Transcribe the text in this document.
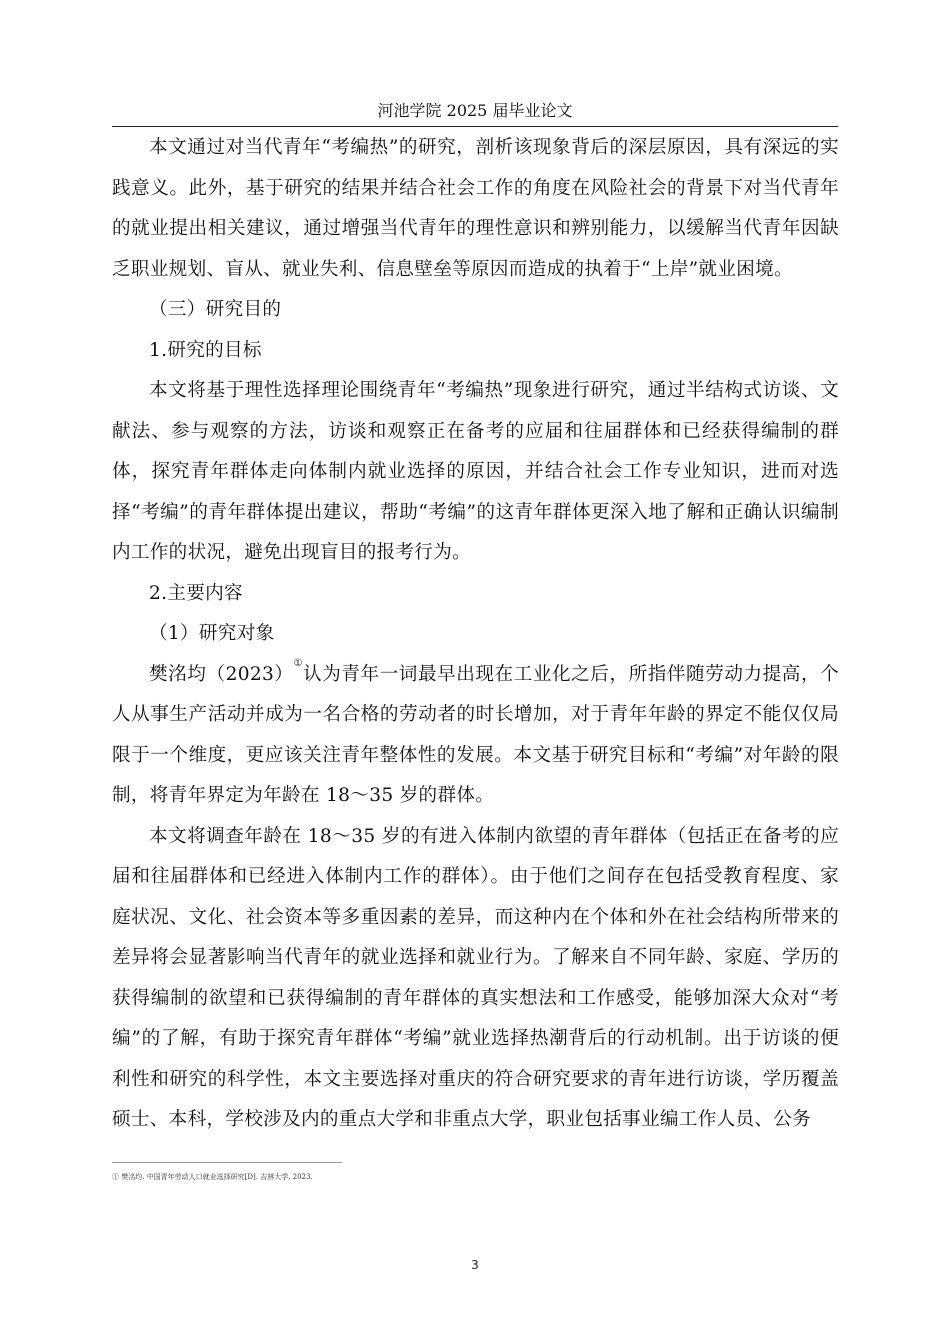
河池学院 2025 届毕业论文

本文通过对当代青年“考编热”的研究，剖析该现象背后的深层原因，具有深远的实践意义。此外，基于研究的结果并结合社会工作的角度在风险社会的背景下对当代青年的就业提出相关建议，通过增强当代青年的理性意识和辨别能力，以缓解当代青年因缺乏职业规划、盲从、就业失利、信息壁垒等原因而造成的执着于“上岸”就业困境。

（三）研究目的

1.研究的目标

本文将基于理性选择理论围绕青年“考编热”现象进行研究，通过半结构式访谈、文献法、参与观察的方法，访谈和观察正在备考的应届和往届群体和已经获得编制的群体，探究青年群体走向体制内就业选择的原因，并结合社会工作专业知识，进而对选择“考编”的青年群体提出建议，帮助“考编”的这青年群体更深入地了解和正确认识编制内工作的状况，避免出现盲目的报考行为。

2.主要内容

（1）研究对象

樊洺均（2023）①认为青年一词最早出现在工业化之后，所指伴随劳动力提高，个人从事生产活动并成为一名合格的劳动者的时长增加，对于青年年龄的界定不能仅仅局限于一个维度，更应该关注青年整体性的发展。本文基于研究目标和“考编”对年龄的限制，将青年界定为年龄在 18～35 岁的群体。

本文将调查年龄在 18～35 岁的有进入体制内欲望的青年群体（包括正在备考的应届和往届群体和已经进入体制内工作的群体）。由于他们之间存在包括受教育程度、家庭状况、文化、社会资本等多重因素的差异，而这种内在个体和外在社会结构所带来的差异将会显著影响当代青年的就业选择和就业行为。了解来自不同年龄、家庭、学历的获得编制的欲望和已获得编制的青年群体的真实想法和工作感受，能够加深大众对“考编”的了解，有助于探究青年群体“考编”就业选择热潮背后的行动机制。出于访谈的便利性和研究的科学性，本文主要选择对重庆的符合研究要求的青年进行访谈，学历覆盖硕士、本科，学校涉及内的重点大学和非重点大学，职业包括事业编工作人员、公务

① 樊洺均. 中国青年劳动人口就业选择研究[D]. 吉林大学, 2023.
3
